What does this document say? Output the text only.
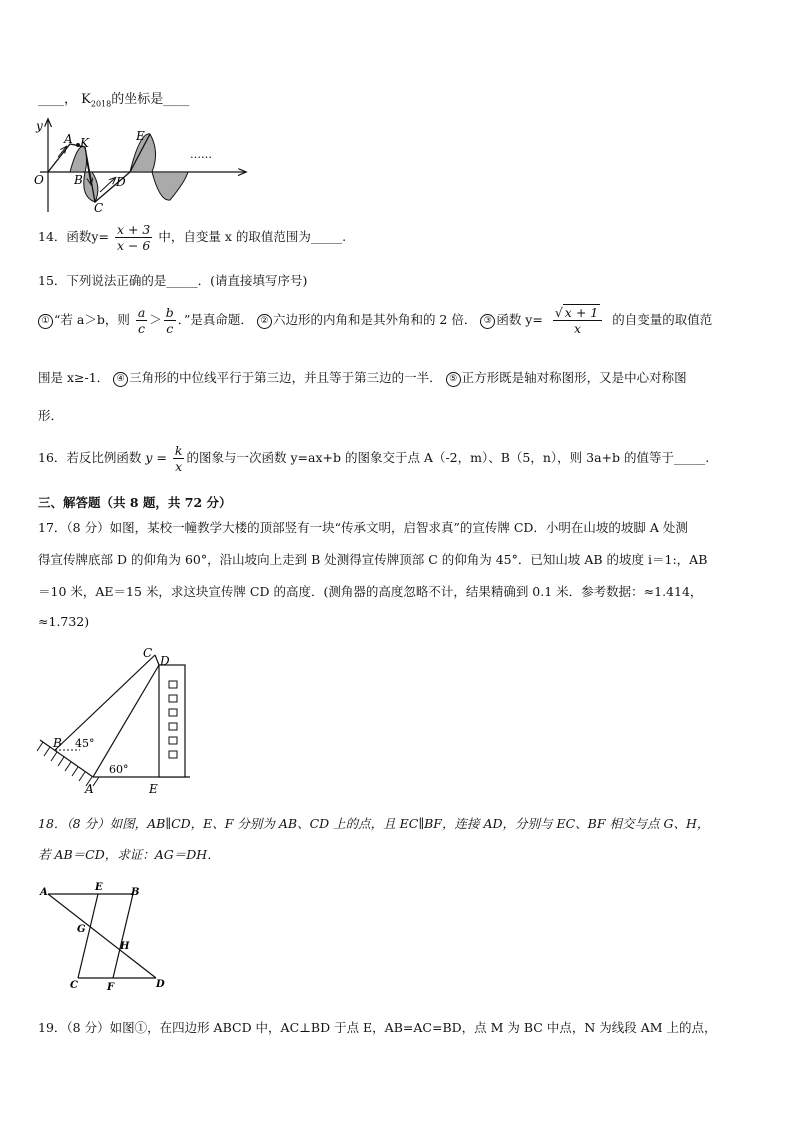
____， $K_{2018}$的坐标是____
y
O
A K
B
C
D
E
……
14．函数$y= \frac{x + 3}{x - 6}$ 中，自变量 x 的取值范围为_____.
15．下列说法正确的是_____．(请直接填写序号)
① “若 a＞b，则 $\frac{a}{c} > \frac{b}{c}$ ．”是真命题． ② 六边形的内角和是其外角和的 2 倍． ③ 函数 $y= \frac{√ x + 1}{x}$ 的自变量的取值范
围是 x≥-1． ④ 三角形的中位线平行于第三边，并且等于第三边的一半． ⑤ 正方形既是轴对称图形，又是中心对称图
形．
16．若反比例函数 $y = \frac{k}{x}$ 的图象与一次函数 y=ax+b 的图象交于点 A（-2，m）、B（5，n），则 3a+b 的值等于_____.
三、解答题（共 8 题，共 72 分）
17．（8 分）如图，某校一幢教学大楼的顶部竖有一块“传承文明，启智求真”的宣传牌 CD．小明在山坡的坡脚 A 处测
得宣传牌底部 D 的仰角为 60°，沿山坡向上走到 B 处测得宣传牌顶部 C 的仰角为 45°．已知山坡 AB 的坡度 i＝1:，AB
＝10 米，AE＝15 米，求这块宣传牌 CD 的高度．(测角器的高度忽略不计，结果精确到 0.1 米．参考数据：≈1.414，
≈1.732)
C
D
B 45°
60°
A	E
18．（8 分）如图，AB∥CD，E、F 分别为 AB、CD 上的点，且 EC∥BF，连接 AD，分别与 EC、BF 相交与点 G、H，
若 AB＝CD，求证：AG＝DH．
A	E	B
G
H
C	F	D
19．（8 分）如图①，在四边形 ABCD 中，AC⊥BD 于点 E，AB=AC=BD，点 M 为 BC 中点，N 为线段 AM 上的点，
